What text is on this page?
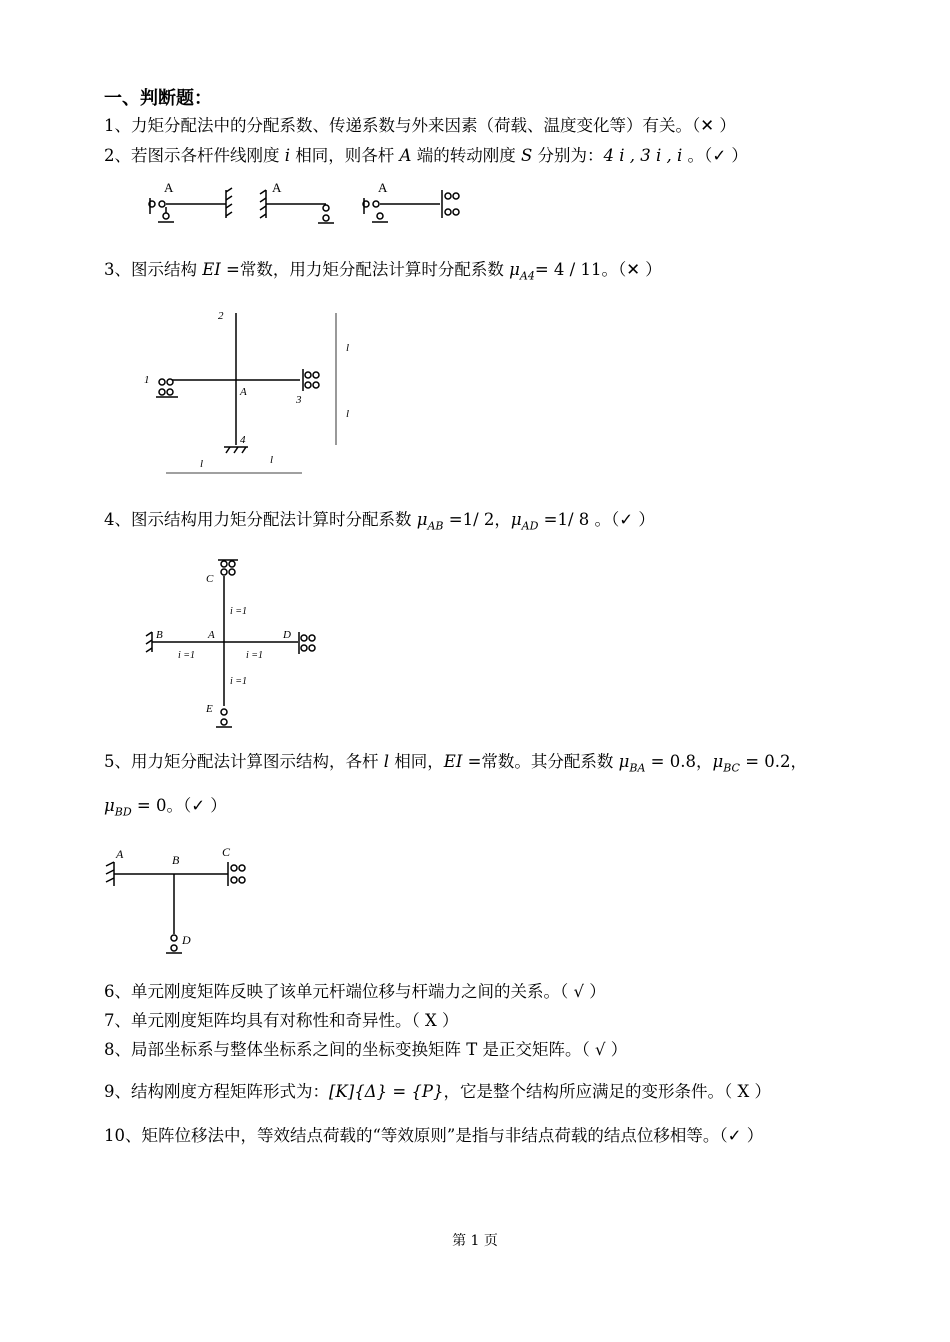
一、判断题：
1、力矩分配法中的分配系数、传递系数与外来因素（荷载、温度变化等）有关。（✕ ）
2、若图示各杆件线刚度 i 相同，则各杆 A 端的转动刚度 S 分别为：4 i , 3 i , i 。（✓ ）
A	A	A
3、图示结构 EI =常数，用力矩分配法计算时分配系数 $\mu_{A4}= 4 / 11$。（✕ ）
2
1
A
3
4
l
l
l	l
4、图示结构用力矩分配法计算时分配系数 $\mu_{AB} =1/$ 2，$\mu_{AD} =1/$ 8 。（✓ ）
C
B	A	D
E
i =1
i =1	i =1
i =1
5、用力矩分配法计算图示结构，各杆 l 相同，EI =常数。其分配系数 $\mu_{BA} = 0.8$，$\mu_{BC} = 0.2$，
$\mu_{BD} = 0$。（✓ ）
A	B
C
D
6、单元刚度矩阵反映了该单元杆端位移与杆端力之间的关系。（ √ ）
7、单元刚度矩阵均具有对称性和奇异性。（ X ）
8、局部坐标系与整体坐标系之间的坐标变换矩阵 T 是正交矩阵。（ √ ）
9、结构刚度方程矩阵形式为：[K]{Δ} = {P}，它是整个结构所应满足的变形条件。（ X ）
10、矩阵位移法中，等效结点荷载的“等效原则”是指与非结点荷载的结点位移相等。（✓ ）
第 1 页
